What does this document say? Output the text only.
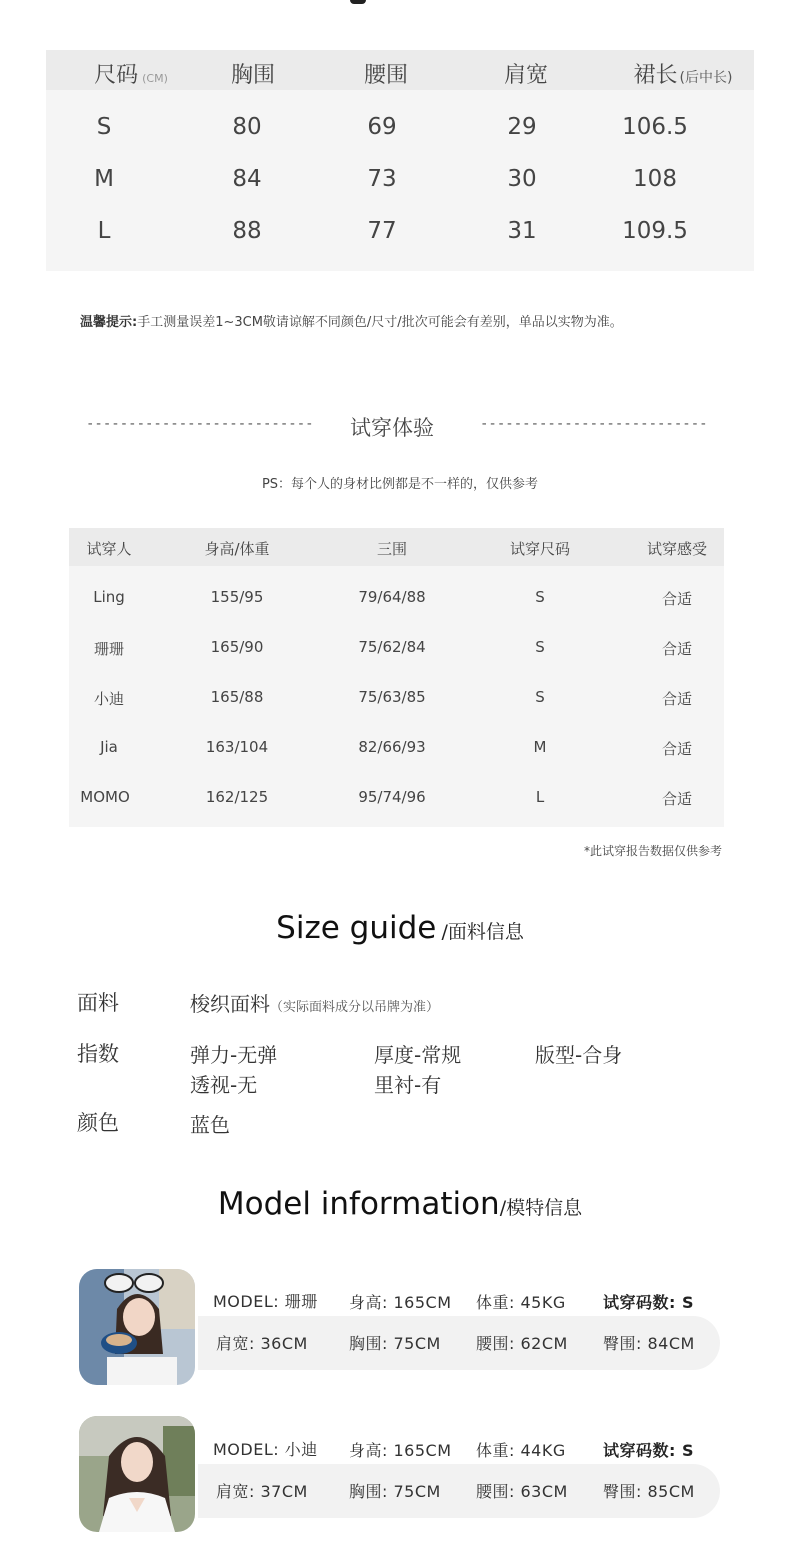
尺码 (CM)	胸围	腰围	肩宽	裙长 (后中长)
S	80	69	29	106.5
M	84	73	30	108
L	88	77	31	109.5
温馨提示:手工测量误差1~3CM敬请谅解不同颜色/尺寸/批次可能会有差别，单品以实物为准。
--------------------------- 试穿体验	---------------------------
PS：每个人的身材比例都是不一样的，仅供参考
试穿人	身高/体重	三围	试穿尺码	试穿感受
Ling	155/95	79/64/88	S	合适
珊珊	165/90	75/62/84	S	合适
小迪	165/88	75/63/85	S	合适
Jia	163/104	82/66/93	M	合适
MOMO	162/125	95/74/96	L	合适
*此试穿报告数据仅供参考
Size guide /面料信息
面料	梭织面料（实际面料成分以吊牌为准）
指数	弹力-无弹	厚度-常规	版型-合身
透视-无	里衬-有
颜色	蓝色
Model information/模特信息
MODEL: 珊珊 身高: 165CM 体重: 45KG 试穿码数: S
肩宽: 36CM	胸围: 75CM 腰围: 62CM 臀围: 84CM
MODEL: 小迪 身高: 165CM 体重: 44KG 试穿码数: S
肩宽: 37CM	胸围: 75CM 腰围: 63CM 臀围: 85CM
